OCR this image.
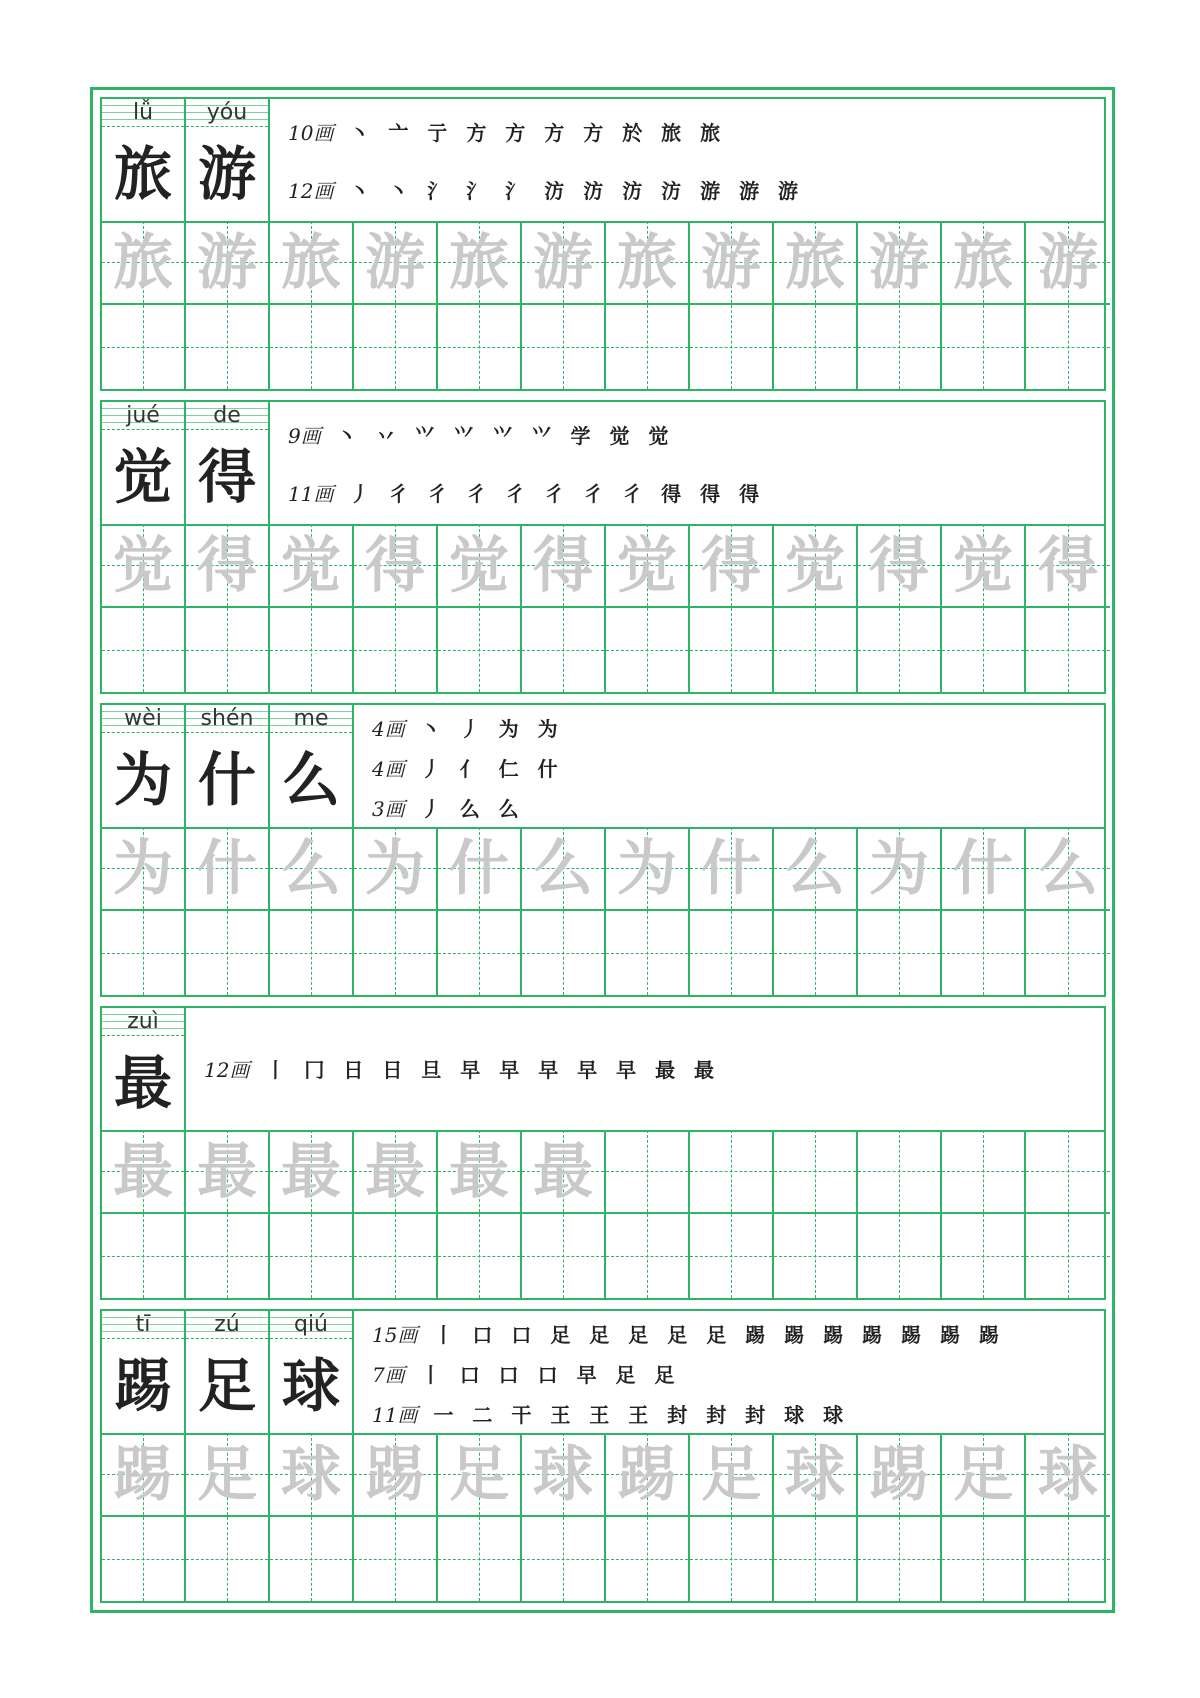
lǚ
旅
yóu
游
10画 丶 亠 亍 方 方 方 方 於 旅 旅
12画 丶 丶 氵 氵 氵 汸 汸 汸 汸 游 游 游
旅 游 旅 游 旅 游 旅 游 旅 游 旅 游
jué
觉
de
得
9画 丶 丷 ⺍ 𭕄 𭕄 𭕄 学 觉 觉
11画 丿 彳 彳 彳 彳 彳 彳 彳 得 得 得
觉 得 觉 得 觉 得 觉 得 觉 得 觉 得
wèi
为
shén
什
me
么
4画 丶 丿 为 为
4画 丿 亻 仁 什
3画 丿 么 么
为 什 么 为 什 么 为 什 么 为 什 么
zuì
最	12画 丨 冂 日 日 旦 早 早 早 早 早 最 最
最 最 最 最 最 最
tī
踢
zú
足
qiú
球
15画 丨 口 口 足 足 足 足 足 踢 踢 踢 踢 踢 踢 踢
7画 丨 口 口 口 早 足 足
11画 一 二 干 王 王 王 封 封 封 球 球
踢 足 球 踢 足 球 踢 足 球 踢 足 球
